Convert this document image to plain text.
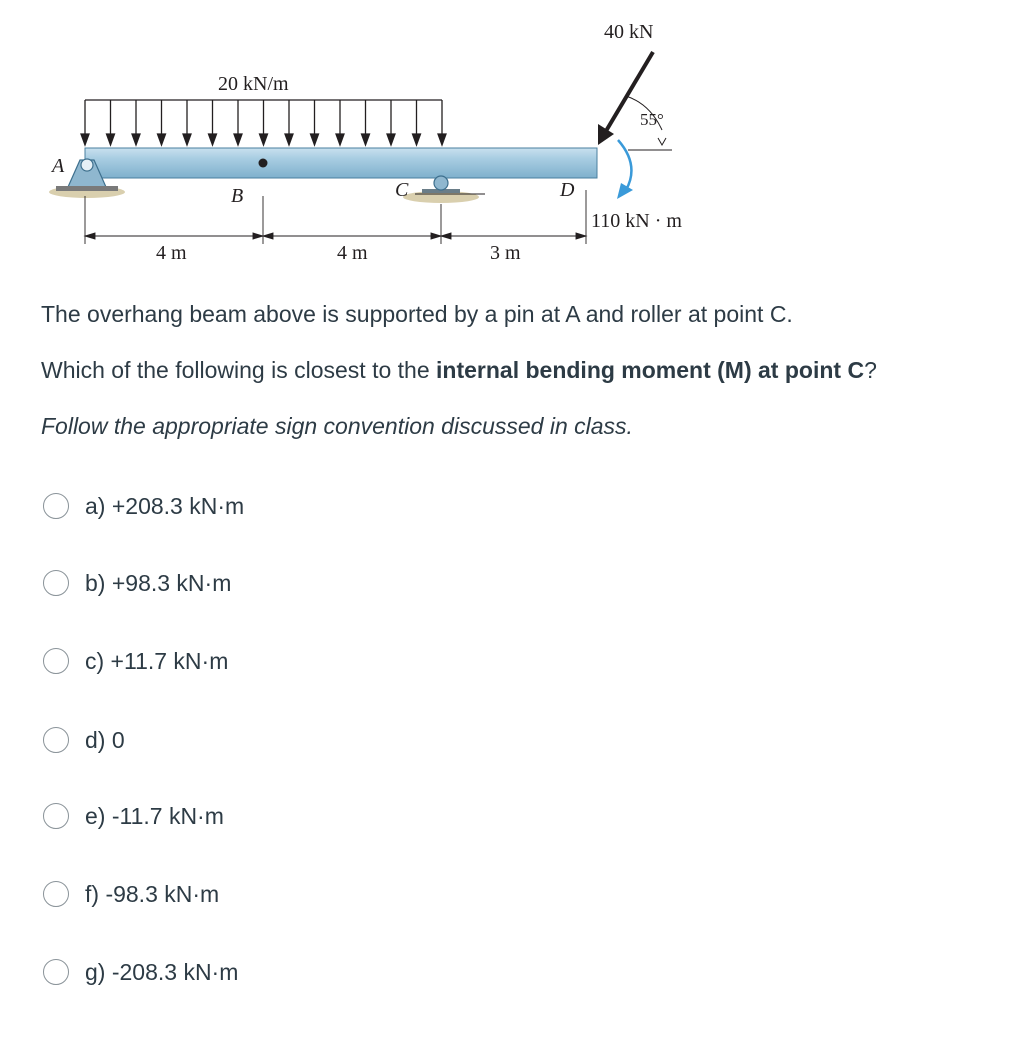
40 kN
20 kN/m
55°
110 kN · m
A
B	C	D
4 m	4 m	3 m
The overhang beam above is supported by a pin at A and roller at point C.
Which of the following is closest to the internal bending moment (M) at point C?
Follow the appropriate sign convention discussed in class.
a) +208.3 kN·m
b) +98.3 kN·m
c) +11.7 kN·m
d) 0
e) -11.7 kN·m
f) -98.3 kN·m
g) -208.3 kN·m
